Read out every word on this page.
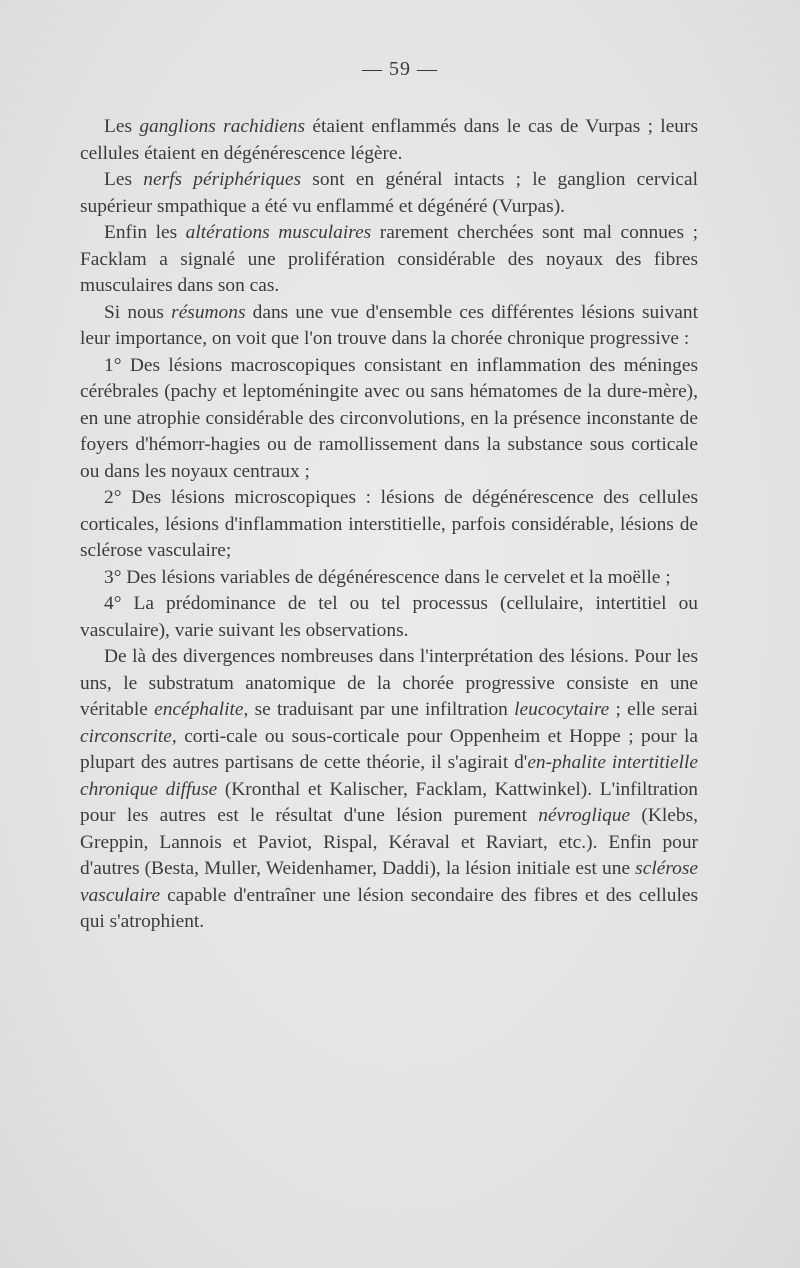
— 59 —

Les ganglions rachidiens étaient enflammés dans le cas de Vurpas ; leurs cellules étaient en dégénérescence légère.

Les nerfs périphériques sont en général intacts ; le ganglion cervical supérieur smpathique a été vu enflammé et dégénéré (Vurpas).

Enfin les altérations musculaires rarement cherchées sont mal connues ; Facklam a signalé une prolifération considérable des noyaux des fibres musculaires dans son cas.

Si nous résumons dans une vue d'ensemble ces différentes lésions suivant leur importance, on voit que l'on trouve dans la chorée chronique progressive :

1° Des lésions macroscopiques consistant en inflammation des méninges cérébrales (pachy et leptoméningite avec ou sans hématomes de la dure-mère), en une atrophie considérable des circonvolutions, en la présence inconstante de foyers d'hémorr-hagies ou de ramollissement dans la substance sous corticale ou dans les noyaux centraux ;

2° Des lésions microscopiques : lésions de dégénérescence des cellules corticales, lésions d'inflammation interstitielle, parfois considérable, lésions de sclérose vasculaire;

3° Des lésions variables de dégénérescence dans le cervelet et la moëlle ;

4° La prédominance de tel ou tel processus (cellulaire, intertitiel ou vasculaire), varie suivant les observations.

De là des divergences nombreuses dans l'interprétation des lésions. Pour les uns, le substratum anatomique de la chorée progressive consiste en une véritable encéphalite, se traduisant par une infiltration leucocytaire ; elle serai circonscrite, corti-cale ou sous-corticale pour Oppenheim et Hoppe ; pour la plupart des autres partisans de cette théorie, il s'agirait d'en-phalite intertitielle chronique diffuse (Kronthal et Kalischer, Facklam, Kattwinkel). L'infiltration pour les autres est le résultat d'une lésion purement névroglique (Klebs, Greppin, Lannois et Paviot, Rispal, Kéraval et Raviart, etc.). Enfin pour d'autres (Besta, Muller, Weidenhamer, Daddi), la lésion initiale est une sclérose vasculaire capable d'entraîner une lésion secondaire des fibres et des cellules qui s'atrophient.
